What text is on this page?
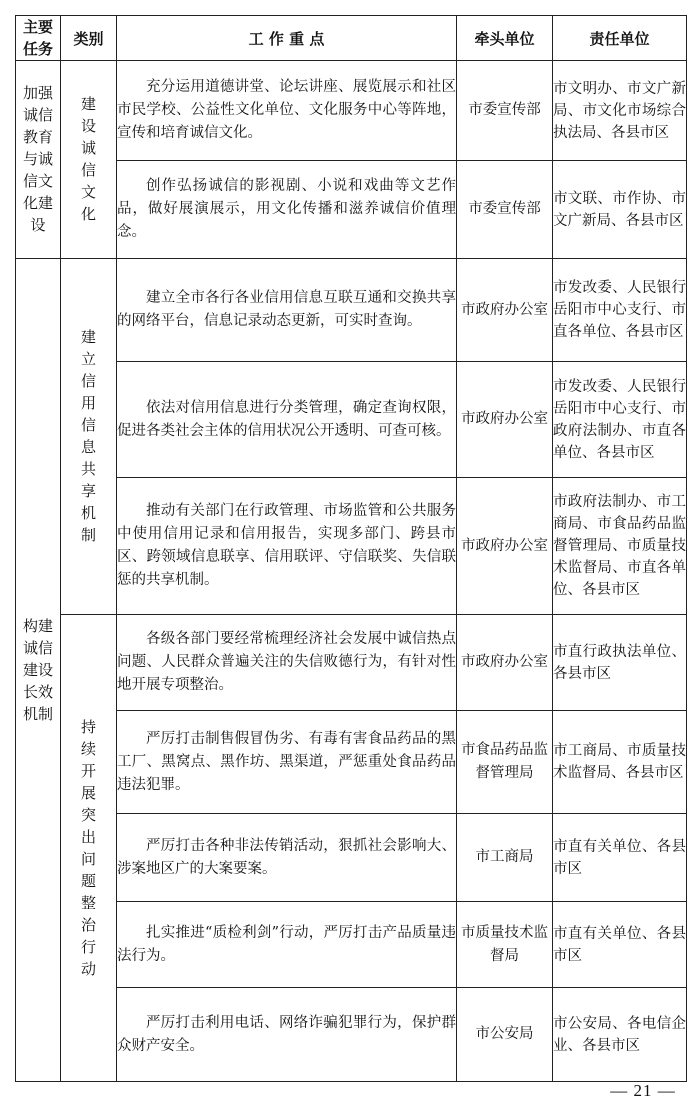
主要任务	类别	工 作 重 点	牵头单位	责任单位
加强诚信教育与诚信文化建设	建设诚信文化	充分运用道德讲堂、论坛讲座、展览展示和社区市民学校、公益性文化单位、文化服务中心等阵地，宣传和培育诚信文化。	市委宣传部	市文明办、市文广新局、市文化市场综合执法局、各县市区

		创作弘扬诚信的影视剧、小说和戏曲等文艺作品，做好展演展示，用文化传播和滋养诚信价值理念。	市委宣传部	市文联、市作协、市文广新局、各县市区
构建诚信建设长效机制	建立信用信息共享机制	建立全市各行各业信用信息互联互通和交换共享的网络平台，信息记录动态更新，可实时查询。	市政府办公室	市发改委、人民银行岳阳市中心支行、市直各单位、各县市区

		依法对信用信息进行分类管理，确定查询权限，促进各类社会主体的信用状况公开透明、可查可核。	市政府办公室	市发改委、人民银行岳阳市中心支行、市政府法制办、市直各单位、各县市区

		推动有关部门在行政管理、市场监管和公共服务中使用信用记录和信用报告，实现多部门、跨县市区、跨领域信息联享、信用联评、守信联奖、失信联惩的共享机制。	市政府办公室	市政府法制办、市工商局、市食品药品监督管理局、市质量技术监督局、市直各单位、各县市区
	持续开展突出问题整治行动	各级各部门要经常梳理经济社会发展中诚信热点问题、人民群众普遍关注的失信败德行为，有针对性地开展专项整治。	市政府办公室	市直行政执法单位、各县市区

		严厉打击制售假冒伪劣、有毒有害食品药品的黑工厂、黑窝点、黑作坊、黑渠道，严惩重处食品药品违法犯罪。	市食品药品监督管理局	市工商局、市质量技术监督局、各县市区

		严厉打击各种非法传销活动，狠抓社会影响大、涉案地区广的大案要案。	市工商局	市直有关单位、各县市区

		扎实推进“质检利剑”行动，严厉打击产品质量违法行为。	市质量技术监督局	市直有关单位、各县市区

		严厉打击利用电话、网络诈骗犯罪行为，保护群众财产安全。	市公安局	市公安局、各电信企业、各县市区
— 21 —
